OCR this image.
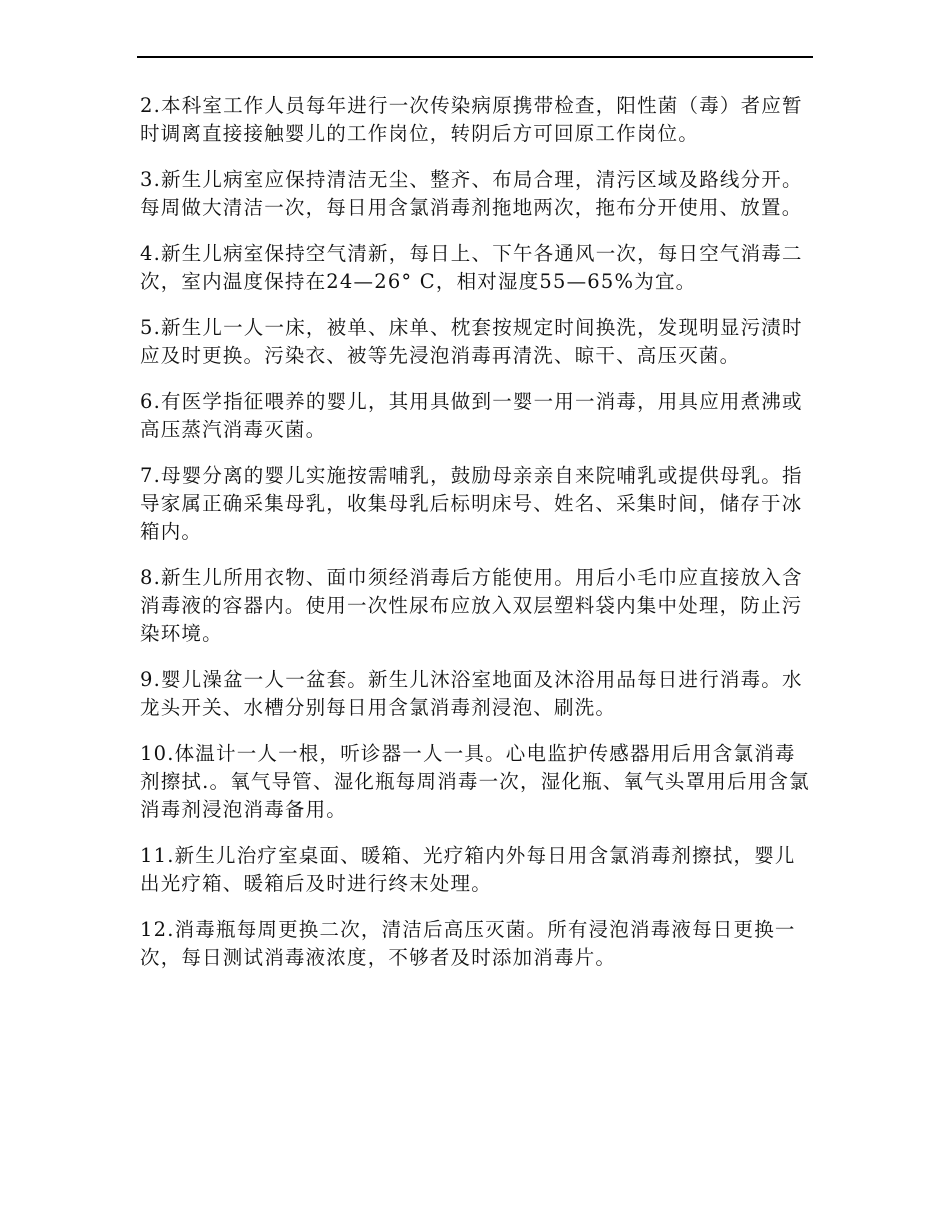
2.本科室工作人员每年进行一次传染病原携带检查，阳性菌（毒）者应暂时调离直接接触婴儿的工作岗位，转阴后方可回原工作岗位。

3.新生儿病室应保持清洁无尘、整齐、布局合理，清污区域及路线分开。每周做大清洁一次，每日用含氯消毒剂拖地两次，拖布分开使用、放置。

4.新生儿病室保持空气清新，每日上、下午各通风一次，每日空气消毒二次，室内温度保持在24—26° C，相对湿度55—65%为宜。

5.新生儿一人一床，被单、床单、枕套按规定时间换洗，发现明显污渍时应及时更换。污染衣、被等先浸泡消毒再清洗、晾干、高压灭菌。

6.有医学指征喂养的婴儿，其用具做到一婴一用一消毒，用具应用煮沸或高压蒸汽消毒灭菌。

7.母婴分离的婴儿实施按需哺乳，鼓励母亲亲自来院哺乳或提供母乳。指导家属正确采集母乳，收集母乳后标明床号、姓名、采集时间，储存于冰箱内。

8.新生儿所用衣物、面巾须经消毒后方能使用。用后小毛巾应直接放入含消毒液的容器内。使用一次性尿布应放入双层塑料袋内集中处理，防止污染环境。

9.婴儿澡盆一人一盆套。新生儿沐浴室地面及沐浴用品每日进行消毒。水龙头开关、水槽分别每日用含氯消毒剂浸泡、刷洗。

10.体温计一人一根，听诊器一人一具。心电监护传感器用后用含氯消毒剂擦拭.。氧气导管、湿化瓶每周消毒一次，湿化瓶、氧气头罩用后用含氯消毒剂浸泡消毒备用。

11.新生儿治疗室桌面、暖箱、光疗箱内外每日用含氯消毒剂擦拭，婴儿出光疗箱、暖箱后及时进行终末处理。

12.消毒瓶每周更换二次，清洁后高压灭菌。所有浸泡消毒液每日更换一次，每日测试消毒液浓度，不够者及时添加消毒片。
